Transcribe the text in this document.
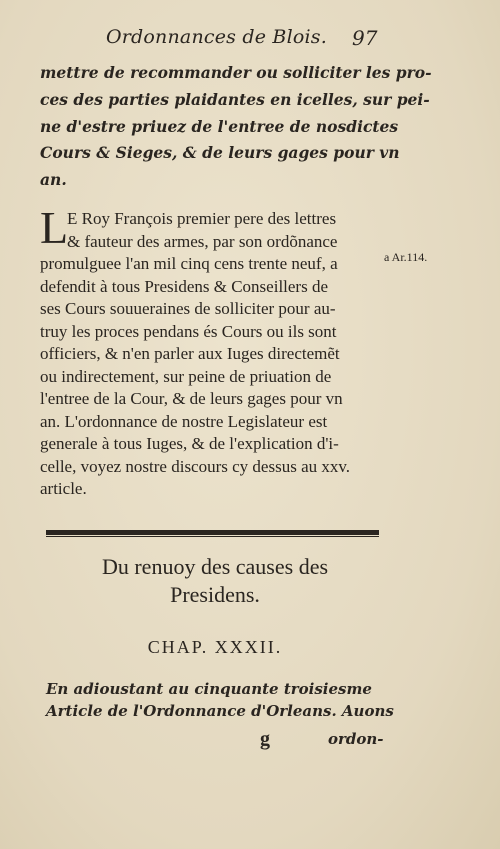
Ordonnances de Blois.	97
mettre de recommander ou solliciter les pro-
ces des parties plaidantes en icelles, sur pei-
ne d'estre priuez de l'entree de nosdictes
Cours & Sieges, & de leurs gages pour vn
an.
L
E Roy François premier pere des lettres
& fauteur des armes, par son ordõnance
promulguee l'an mil cinq cens trente neuf, a
defendit à tous Presidens & Conseillers de
ses Cours souueraines de solliciter pour au-
truy les proces pendans és Cours ou ils sont
officiers, & n'en parler aux Iuges directemẽt
ou indirectement, sur peine de priuation de
l'entree de la Cour, & de leurs gages pour vn
an. L'ordonnance de nostre Legislateur est
generale à tous Iuges, & de l'explication d'i-
celle, voyez nostre discours cy dessus au xxv.
article.
a Ar.114.
Du renuoy des causes des
Presidens.
CHAP. XXXII.
En adioustant au cinquante troisiesme
Article de l'Ordonnance d'Orleans. Auons
g	ordon-
